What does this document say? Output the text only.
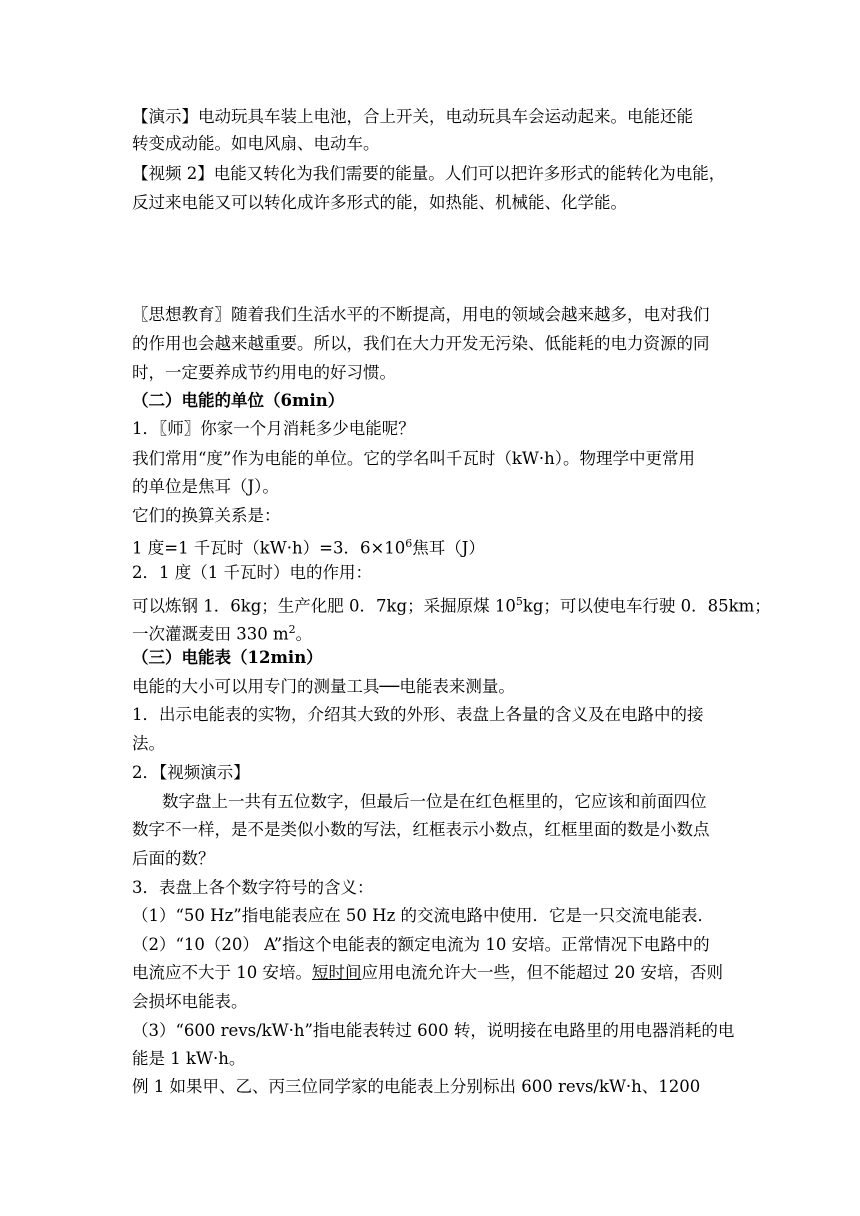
【演示】电动玩具车装上电池，合上开关，电动玩具车会运动起来。电能还能
转变成动能。如电风扇、电动车。
【视频 2】电能又转化为我们需要的能量。人们可以把许多形式的能转化为电能，
反过来电能又可以转化成许多形式的能，如热能、机械能、化学能。
〖思想教育〗随着我们生活水平的不断提高，用电的领域会越来越多，电对我们
的作用也会越来越重要。所以，我们在大力开发无污染、低能耗的电力资源的同
时，一定要养成节约用电的好习惯。
（二）电能的单位（6min）
1．〖师〗你家一个月消耗多少电能呢？
我们常用“度”作为电能的单位。它的学名叫千瓦时（kW·h）。物理学中更常用
的单位是焦耳（J）。
它们的换算关系是：
1 度=1 千瓦时（kW·h）=3．$6\times 10^6$焦耳（J）
2．1 度（1 千瓦时）电的作用：
可以炼钢 1．6kg；生产化肥 0．7kg；采掘原煤 $10^5kg$；可以使电车行驶 0．85km；
一次灌溉麦田 330 $m^2$。
（三）电能表（12min）
电能的大小可以用专门的测量工具──电能表来测量。
1．出示电能表的实物，介绍其大致的外形、表盘上各量的含义及在电路中的接
法。
2．【视频演示】
数字盘上一共有五位数字，但最后一位是在红色框里的，它应该和前面四位
数字不一样，是不是类似小数的写法，红框表示小数点，红框里面的数是小数点
后面的数？
3．表盘上各个数字符号的含义：
（1）“50 Hz”指电能表应在 50 Hz 的交流电路中使用．它是一只交流电能表．
（2）“10（20） A”指这个电能表的额定电流为 10 安培。正常情况下电路中的
电流应不大于 10 安培。短时间应用电流允许大一些，但不能超过 20 安培，否则
会损坏电能表。
（3）“600 revs/kW·h”指电能表转过 600 转，说明接在电路里的用电器消耗的电
能是 1 kW·h。
例 1 如果甲、乙、丙三位同学家的电能表上分别标出 600 revs/kW·h、1200
